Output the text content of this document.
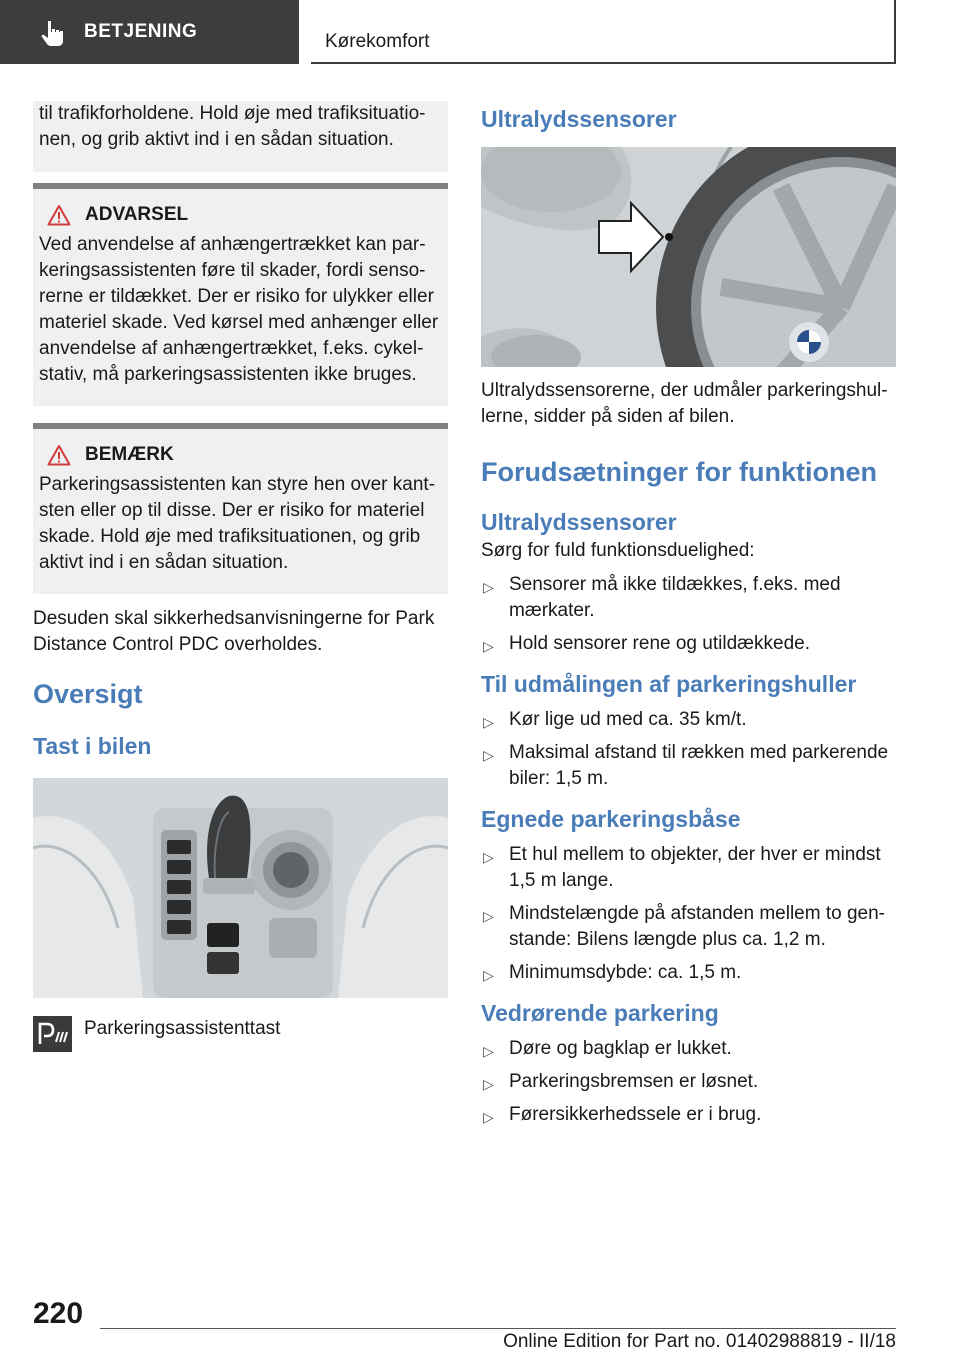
BETJENING	Kørekomfort

til trafikforholdene. Hold øje med trafiksituatio-nen, og grib aktivt ind i en sådan situation.

ADVARSEL

Ved anvendelse af anhængertrækket kan par-keringsassistenten føre til skader, fordi senso-rerne er tildækket. Der er risiko for ulykker eller materiel skade. Ved kørsel med anhænger eller anvendelse af anhængertrækket, f.eks. cykel-stativ, må parkeringsassistenten ikke bruges.

BEMÆRK

Parkeringsassistenten kan styre hen over kant-sten eller op til disse. Der er risiko for materiel skade. Hold øje med trafiksituationen, og grib aktivt ind i en sådan situation.

Desuden skal sikkerhedsanvisningerne for Park Distance Control PDC overholdes.

Oversigt
Tast i bilen
Parkeringsassistenttast
Ultralydssensorer

Ultralydssensorerne, der udmåler parkeringshul-lerne, sidder på siden af bilen.

Forudsætninger for funktionen
Ultralydssensorer

Sørg for fuld funktionsduelighed:

▷ Sensorer må ikke tildækkes, f.eks. med mærkater.
▷ Hold sensorer rene og utildækkede.
Til udmålingen af parkeringshuller
▷ Kør lige ud med ca. 35 km/t.
▷ Maksimal afstand til rækken med parkerende biler: 1,5 m.
Egnede parkeringsbåse
▷ Et hul mellem to objekter, der hver er mindst 1,5 m lange.
▷ Mindstelængde på afstanden mellem to gen-stande: Bilens længde plus ca. 1,2 m.
▷ Minimumsdybde: ca. 1,5 m.
Vedrørende parkering
▷ Døre og bagklap er lukket.
▷ Parkeringsbremsen er løsnet.
▷ Førersikkerhedssele er i brug.
220
Online Edition for Part no. 01402988819 - II/18
